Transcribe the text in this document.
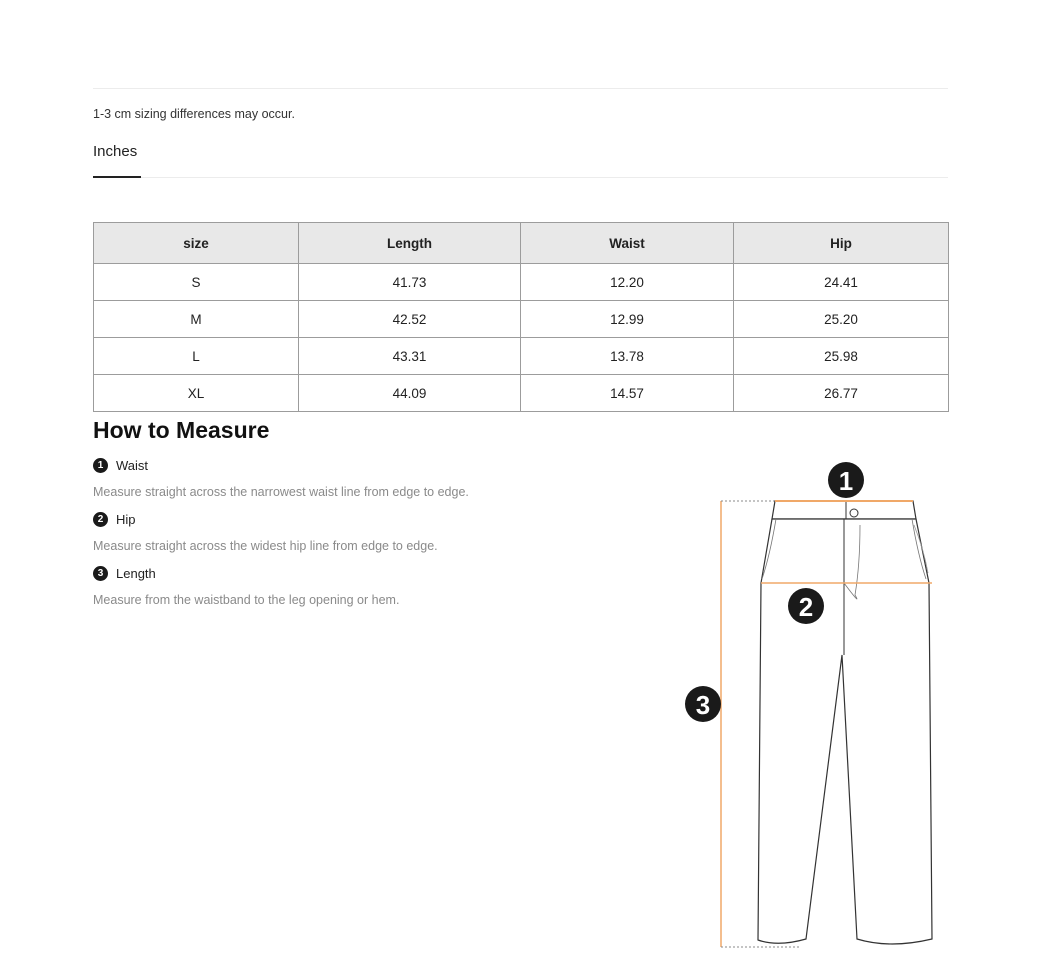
1-3 cm sizing differences may occur.
Inches
size	Length	Waist	Hip
S	41.73	12.20	24.41
M	42.52	12.99	25.20
L	43.31	13.78	25.98
XL	44.09	14.57	26.77
How to Measure
1 Waist
Measure straight across the narrowest waist line from edge to edge.
2 Hip
Measure straight across the widest hip line from edge to edge.
3 Length
Measure from the waistband to the leg opening or hem.
1
2
3
